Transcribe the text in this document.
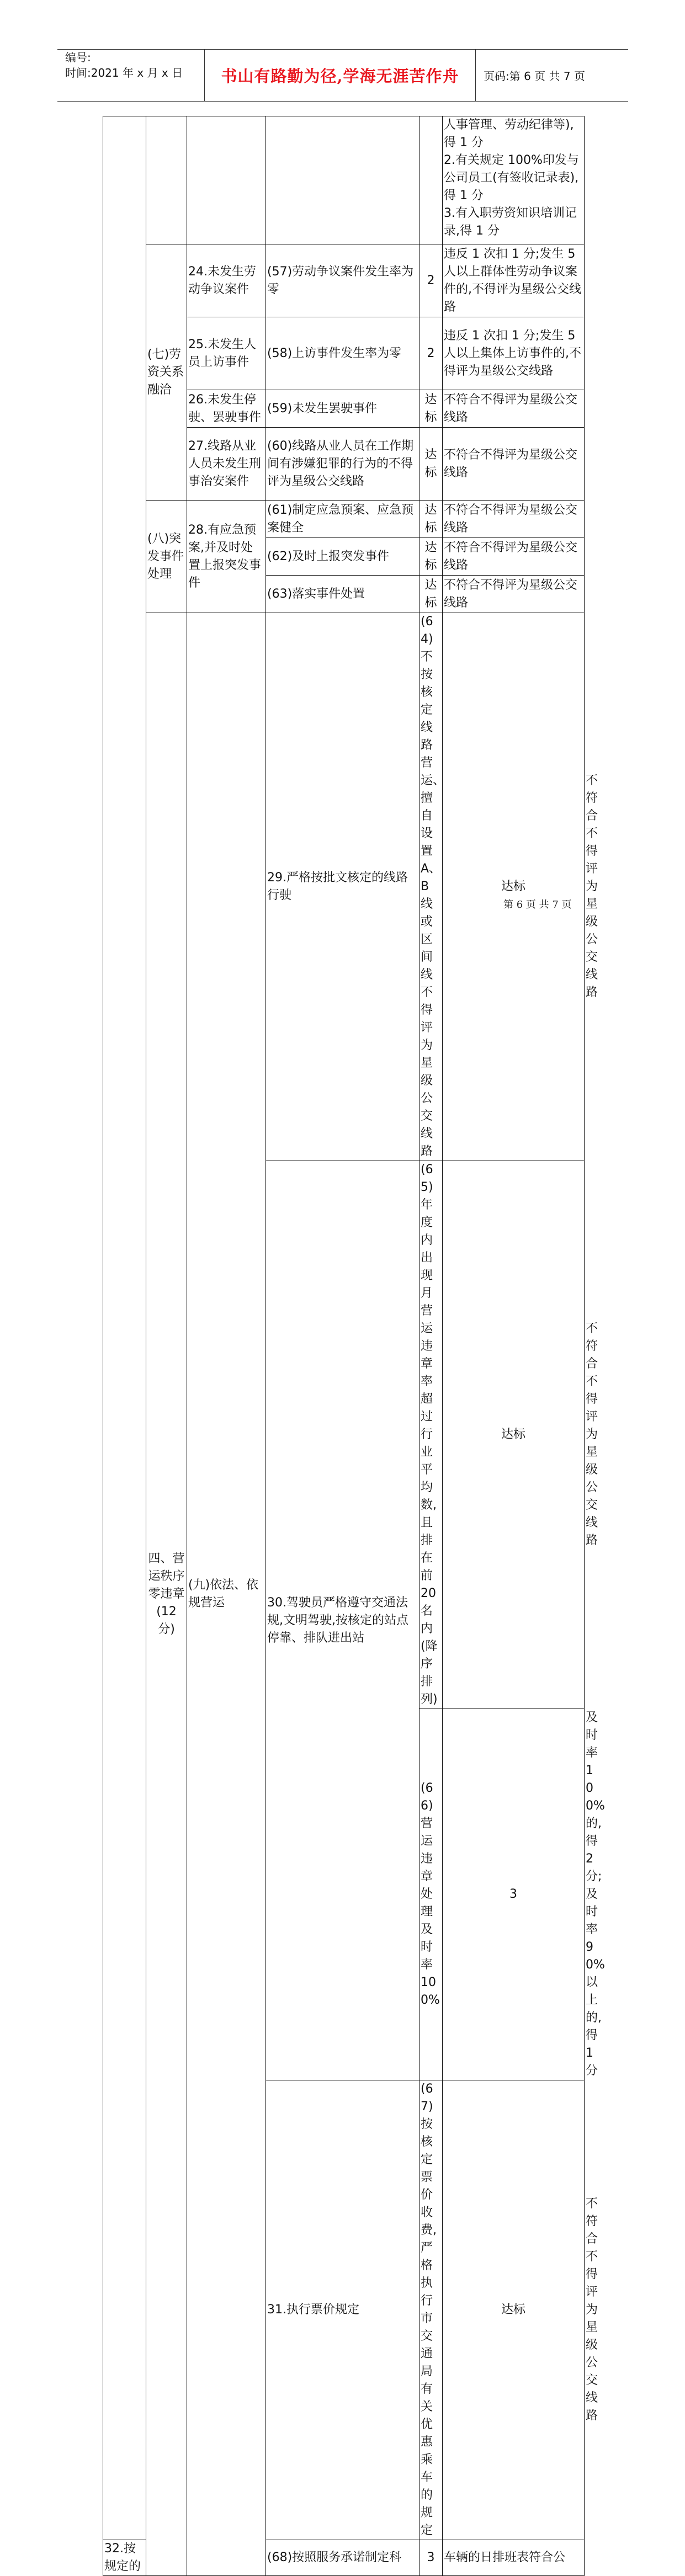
编号:
时间:2021 年 x 月 x 日	书山有路勤为径,学海无涯苦作舟 页码:第 6 页 共 7 页
					人事管理、劳动纪律等),得 1 分
2.有关规定 100%印发与公司员工(有签收记录表),得 1 分
3.有入职劳资知识培训记录,得 1 分	
	(七)劳资关系融洽	24.未发生劳动争议案件	(57)劳动争议案件发生率为零	2	违反 1 次扣 1 分;发生 5 人以上群体性劳动争议案件的,不得评为星级公交线路	
		25.未发生人员上访事件	(58)上访事件发生率为零	2	违反 1 次扣 1 分;发生 5 人以上集体上访事件的,不得评为星级公交线路	
		26.未发生停驶、罢驶事件	(59)未发生罢驶事件	达标	不符合不得评为星级公交线路	
		27.线路从业人员未发生刑事治安案件	(60)线路从业人员在工作期间有涉嫌犯罪的行为的不得评为星级公交线路	达标	不符合不得评为星级公交线路	
	(八)突发事件处理	28.有应急预案,并及时处置上报突发事件	(61)制定应急预案、应急预案健全	达标	不符合不得评为星级公交线路	
			(62)及时上报突发事件	达标	不符合不得评为星级公交线路	
			(63)落实事件处置	达标	不符合不得评为星级公交线路	
	四、营运秩序零违章(12 分)	(九)依法、依规营运	29.严格按批文核定的线路行驶	(64)不按核定线路营运、擅自设置 A、B 线或区间线不得评为星级公交线路	达标	不符合不得评为星级公交线路
			30.驾驶员严格遵守交通法规,文明驾驶,按核定的站点停靠、排队进出站	(65)年度内出现月营运违章率超过行业平均数,且排在前 20 名内(降序排列)	达标	不符合不得评为星级公交线路
				(66)营运违章处理及时率 100%	3	及时率 100%的,得 2 分;及时率 90%以上的,得 1 分
			31.执行票价规定	(67)按核定票价收费,严格执行市交通局有关优惠乘车的规定	达标	不符合不得评为星级公交线路
32.按规定的			(68)按照服务承诺制定科	3	车辆的日排班表符合公	
第 6 页 共 7 页
